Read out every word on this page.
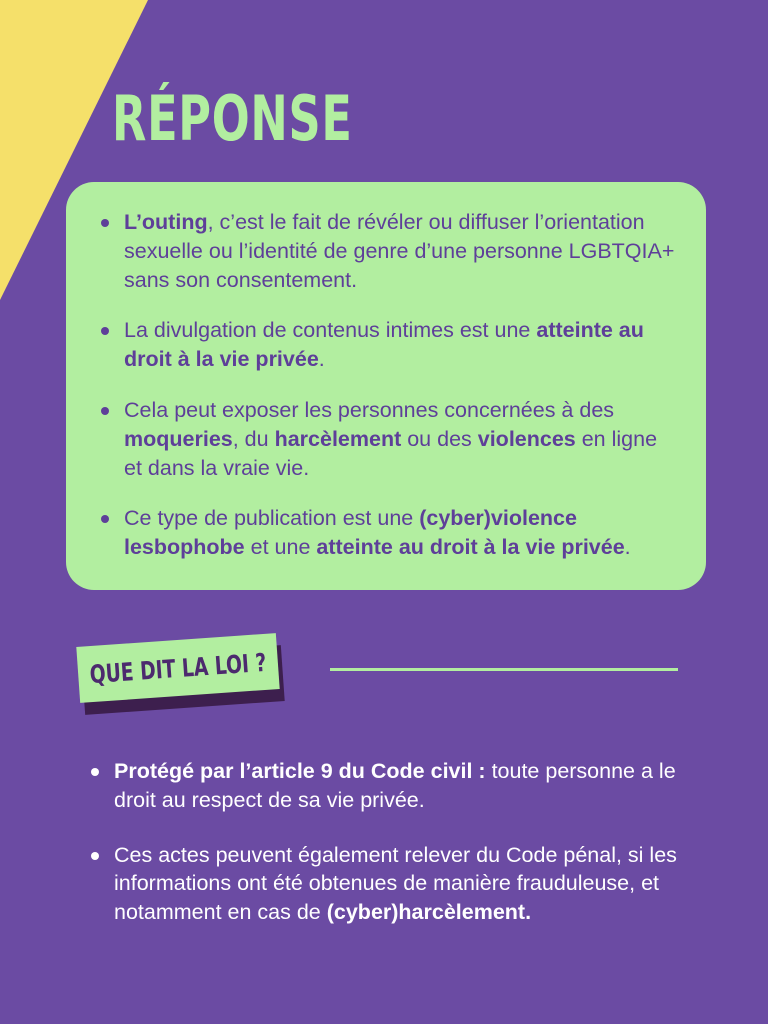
RÉPONSE
L’outing, c’est le fait de révéler ou diffuser l’orientation sexuelle ou l’identité de genre d’une personne LGBTQIA+ sans son consentement.
La divulgation de contenus intimes est une atteinte au droit à la vie privée.
Cela peut exposer les personnes concernées à des moqueries, du harcèlement ou des violences en ligne et dans la vraie vie.
Ce type de publication est une (cyber)violence lesbophobe et une atteinte au droit à la vie privée.
QUE DIT LA LOI ?
Protégé par l’article 9 du Code civil : toute personne a le droit au respect de sa vie privée.
Ces actes peuvent également relever du Code pénal, si les informations ont été obtenues de manière frauduleuse, et notamment en cas de (cyber)harcèlement.
